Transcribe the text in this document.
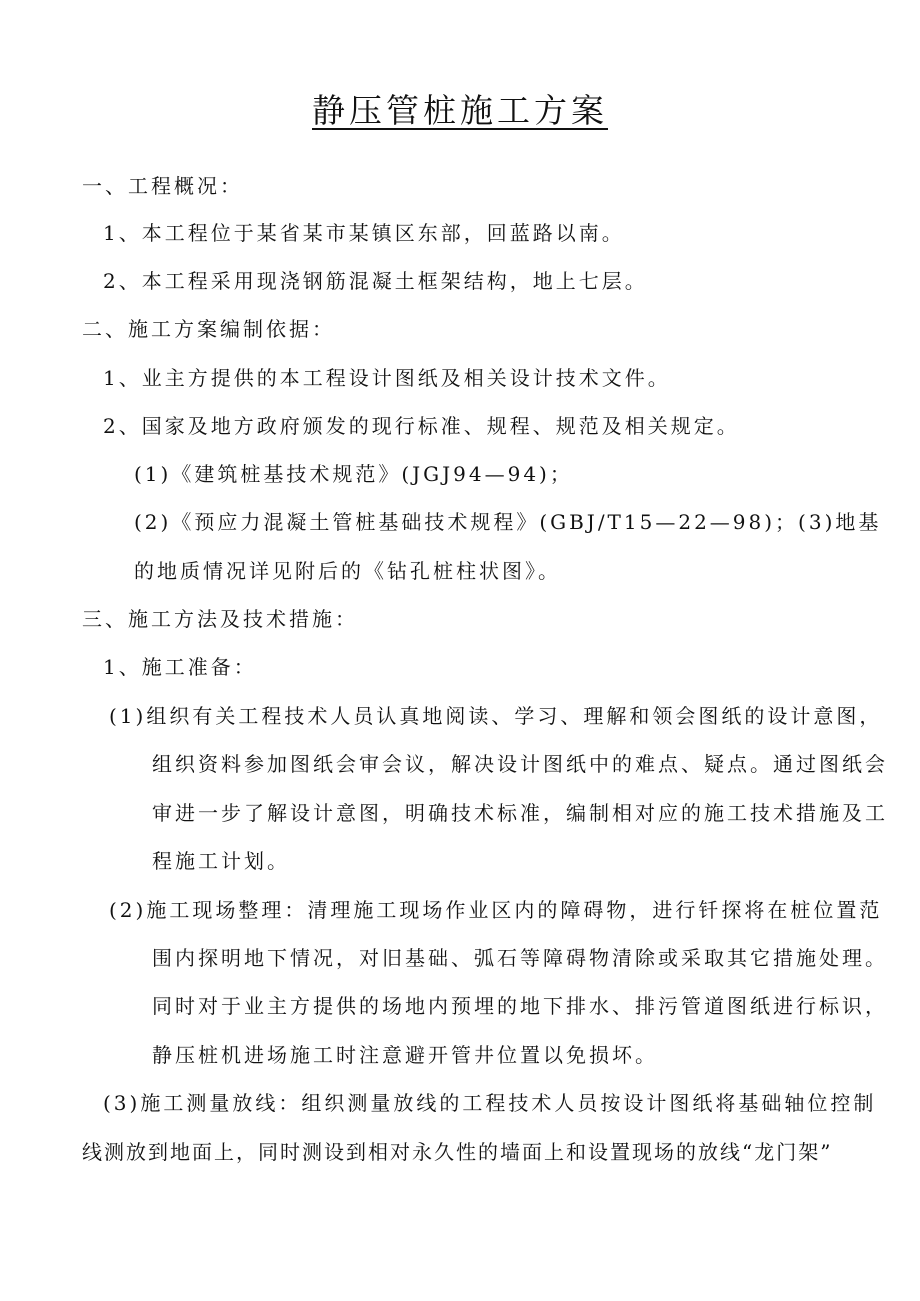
静压管桩施工方案
一、工程概况：
1、本工程位于某省某市某镇区东部，回蓝路以南。
2、本工程采用现浇钢筋混凝土框架结构，地上七层。
二、施工方案编制依据：
1、业主方提供的本工程设计图纸及相关设计技术文件。
2、国家及地方政府颁发的现行标准、规程、规范及相关规定。
(1)《建筑桩基技术规范》(JGJ94—94)；
(2)《预应力混凝土管桩基础技术规程》(GBJ/T15—22—98)；(3)地基
的地质情况详见附后的《钻孔桩柱状图》。
三、施工方法及技术措施：
1、施工准备：
(1)组织有关工程技术人员认真地阅读、学习、理解和领会图纸的设计意图，
组织资料参加图纸会审会议，解决设计图纸中的难点、疑点。通过图纸会
审进一步了解设计意图，明确技术标准，编制相对应的施工技术措施及工
程施工计划。
(2)施工现场整理：清理施工现场作业区内的障碍物，进行钎探将在桩位置范
围内探明地下情况，对旧基础、弧石等障碍物清除或采取其它措施处理。
同时对于业主方提供的场地内预埋的地下排水、排污管道图纸进行标识，
静压桩机进场施工时注意避开管井位置以免损坏。
(3)施工测量放线：组织测量放线的工程技术人员按设计图纸将基础轴位控制
线测放到地面上，同时测设到相对永久性的墙面上和设置现场的放线“龙门架”
